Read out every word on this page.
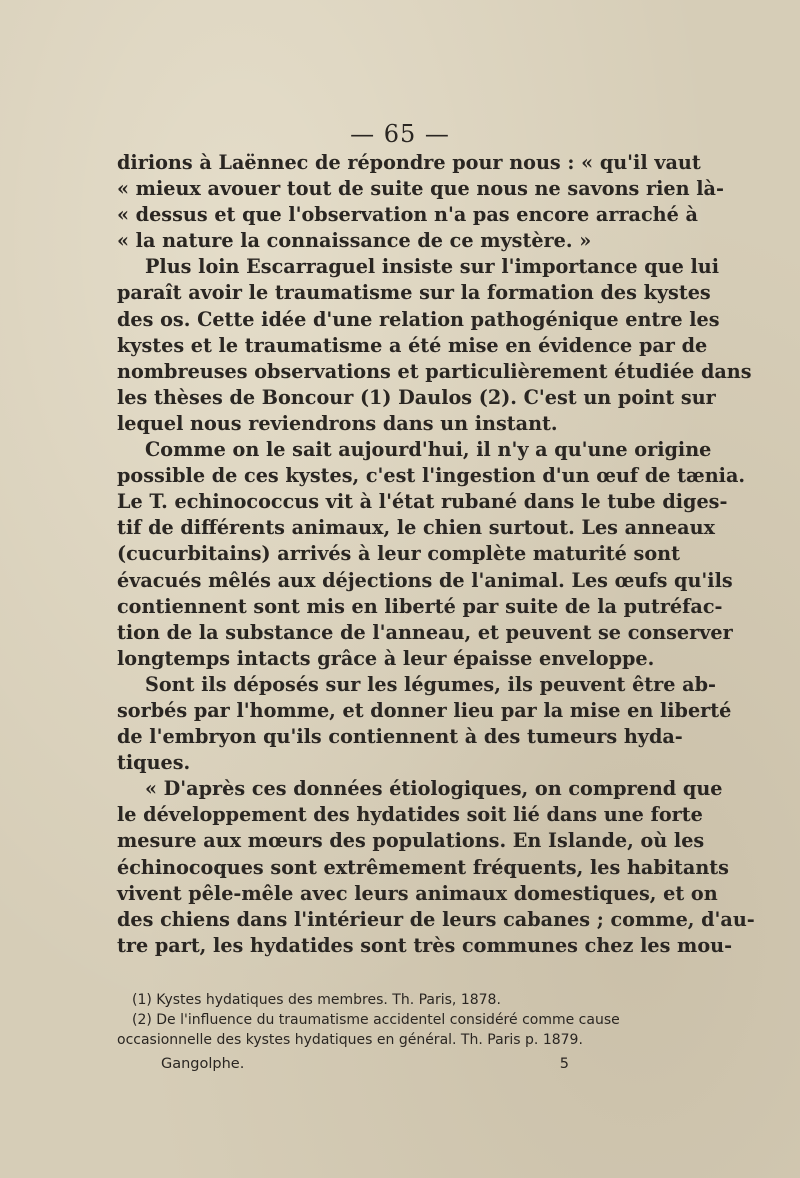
— 65 —
dirions à Laënnec de répondre pour nous : « qu'il vaut
« mieux avouer tout de suite que nous ne savons rien là-
« dessus et que l'observation n'a pas encore arraché à
« la nature la connaissance de ce mystère. »
Plus loin Escarraguel insiste sur l'importance que lui
paraît avoir le traumatisme sur la formation des kystes
des os. Cette idée d'une relation pathogénique entre les
kystes et le traumatisme a été mise en évidence par de
nombreuses observations et particulièrement étudiée dans
les thèses de Boncour (1) Daulos (2). C'est un point sur
lequel nous reviendrons dans un instant.
Comme on le sait aujourd'hui, il n'y a qu'une origine
possible de ces kystes, c'est l'ingestion d'un œuf de tænia.
Le T. echinococcus vit à l'état rubané dans le tube diges-
tif de différents animaux, le chien surtout. Les anneaux
(cucurbitains) arrivés à leur complète maturité sont
évacués mêlés aux déjections de l'animal. Les œufs qu'ils
contiennent sont mis en liberté par suite de la putréfac-
tion de la substance de l'anneau, et peuvent se conserver
longtemps intacts grâce à leur épaisse enveloppe.
Sont ils déposés sur les légumes, ils peuvent être ab-
sorbés par l'homme, et donner lieu par la mise en liberté
de l'embryon qu'ils contiennent à des tumeurs hyda-
tiques.
« D'après ces données étiologiques, on comprend que
le développement des hydatides soit lié dans une forte
mesure aux mœurs des populations. En Islande, où les
échinocoques sont extrêmement fréquents, les habitants
vivent pêle-mêle avec leurs animaux domestiques, et on
des chiens dans l'intérieur de leurs cabanes ; comme, d'au-
tre part, les hydatides sont très communes chez les mou-
(1) Kystes hydatiques des membres. Th. Paris, 1878.
(2) De l'influence du traumatisme accidentel considéré comme cause
occasionnelle des kystes hydatiques en général. Th. Paris p. 1879.
Gangolphe.	5
